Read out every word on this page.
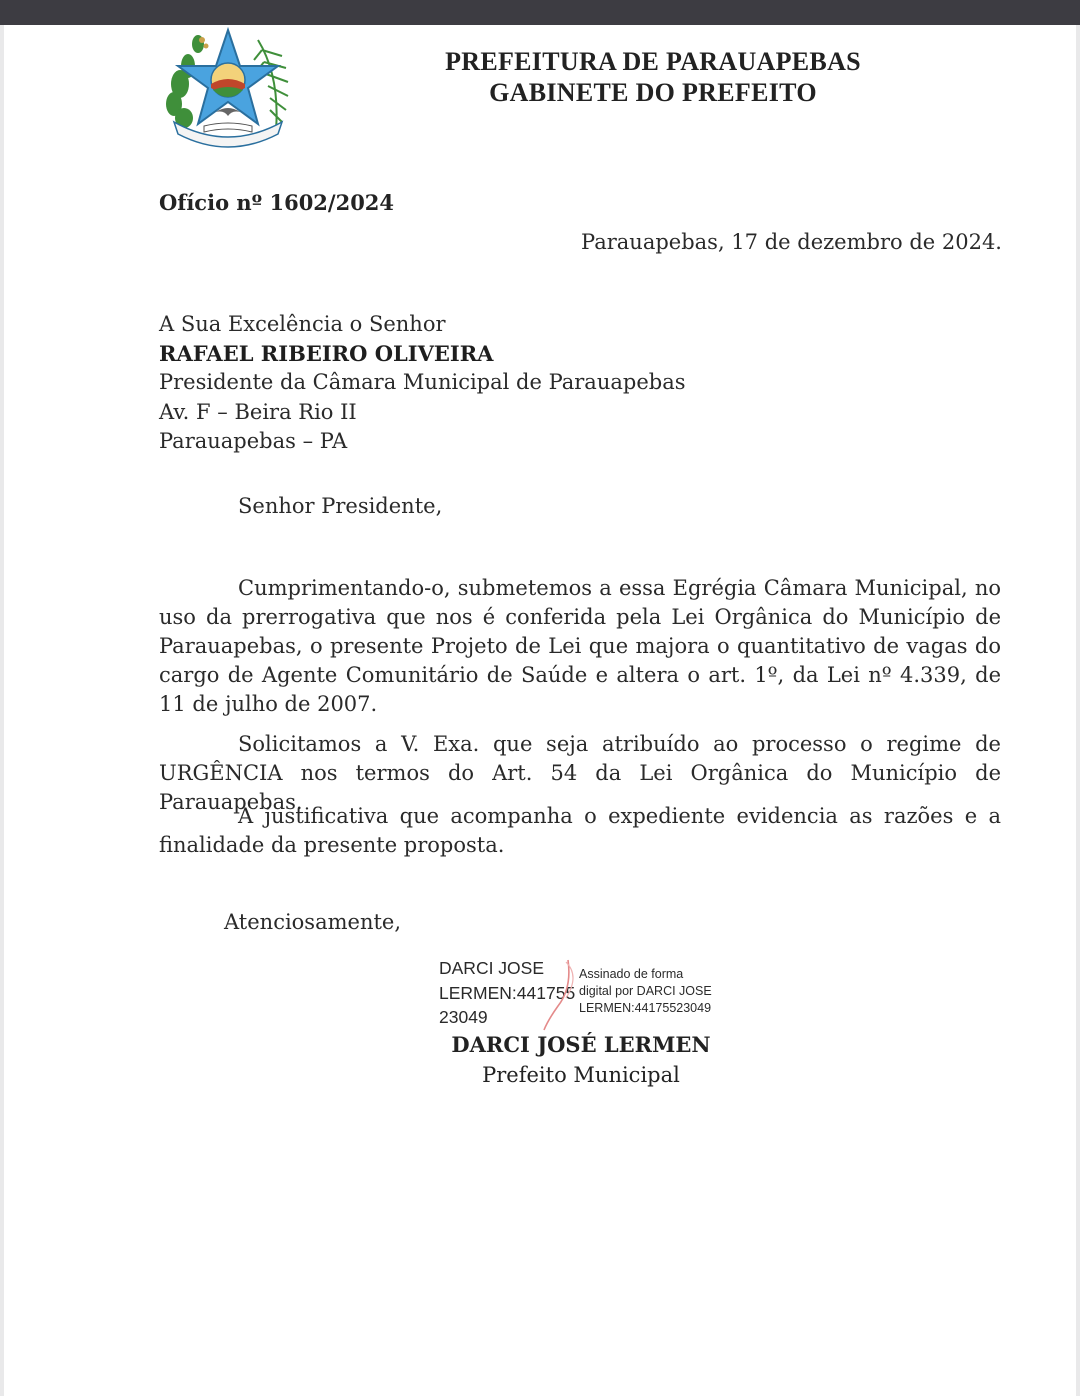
PREFEITURA DE PARAUAPEBAS
GABINETE DO PREFEITO
Ofício nº 1602/2024
Parauapebas, 17 de dezembro de 2024.
A Sua Excelência o Senhor
RAFAEL RIBEIRO OLIVEIRA
Presidente da Câmara Municipal de Parauapebas
Av. F – Beira Rio II
Parauapebas – PA
Senhor Presidente,

Cumprimentando-o, submetemos a essa Egrégia Câmara Municipal, no uso da prerrogativa que nos é conferida pela Lei Orgânica do Município de Parauapebas, o presente Projeto de Lei que majora o quantitativo de vagas do cargo de Agente Comunitário de Saúde e altera o art. 1º, da Lei nº 4.339, de 11 de julho de 2007.

Solicitamos a V. Exa. que seja atribuído ao processo o regime de URGÊNCIA nos termos do Art. 54 da Lei Orgânica do Município de Parauapebas.

A justificativa que acompanha o expediente evidencia as razões e a finalidade da presente proposta.

Atenciosamente,
DARCI JOSE
LERMEN:441755
23049
Assinado de forma
digital por DARCI JOSE
LERMEN:44175523049
DARCI JOSÉ LERMEN
Prefeito Municipal
